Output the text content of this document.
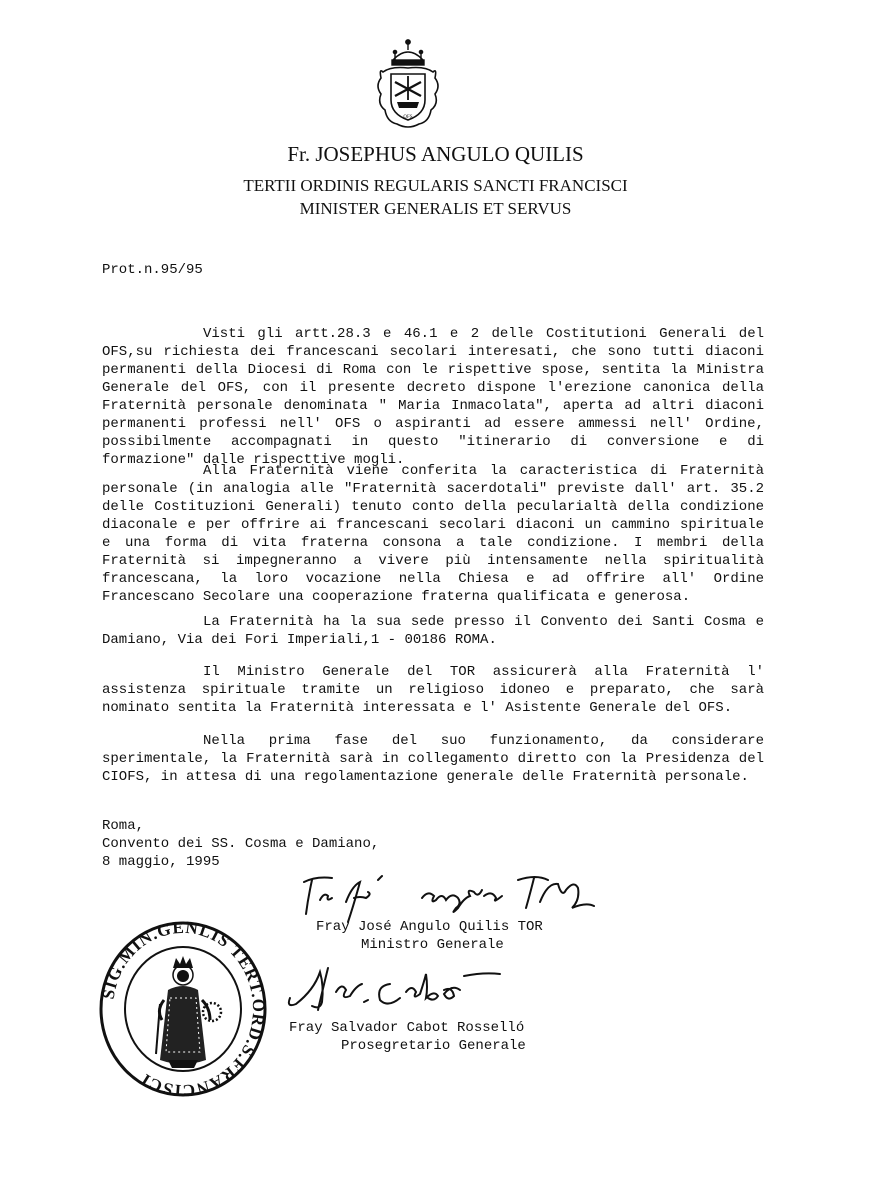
OFS
Fr. JOSEPHUS ANGULO QUILIS
TERTII ORDINIS REGULARIS SANCTI FRANCISCI
MINISTER GENERALIS ET SERVUS
Prot.n.95/95

Visti gli artt.28.3 e 46.1 e 2 delle Costitutioni Generali del OFS,su richiesta dei francescani secolari interesati, che sono tutti diaconi permanenti della Diocesi di Roma con le rispettive spose, sentita la Ministra Generale del OFS, con il presente decreto dispone l'erezione canonica della Fraternità personale denominata " Maria Inmacolata", aperta ad altri diaconi permanenti professi nell' OFS o aspiranti ad essere ammessi nell' Ordine, possibilmente accompagnati in questo "itinerario di conversione e di formazione" dalle rispecttive mogli.

Alla Fraternità viene conferita la caracteristica di Fraternità personale (in analogia alle "Fraternità sacerdotali" previste dall' art. 35.2 delle Costituzioni Generali) tenuto conto della pecularialtà della condizione diaconale e per offrire ai francescani secolari diaconi un cammino spirituale e una forma di vita fraterna consona a tale condizione. I membri della Fraternità si impegneranno a vivere più intensamente nella spiritualità francescana, la loro vocazione nella Chiesa e ad offrire all' Ordine Francescano Secolare una cooperazione fraterna qualificata e generosa.

La Fraternità ha la sua sede presso il Convento dei Santi Cosma e Damiano, Via dei Fori Imperiali,1 - 00186 ROMA.

Il Ministro Generale del TOR assicurerà alla Fraternità l' assistenza spirituale tramite un religioso idoneo e preparato, che sarà nominato sentita la Fraternità interessata e l' Asistente Generale del OFS.

Nella prima fase del suo funzionamento, da considerare sperimentale, la Fraternità sarà in collegamento diretto con la Presidenza del CIOFS, in attesa di una regolamentazione generale delle Fraternità personale.

Roma,
Convento dei SS. Cosma e Damiano,
8 maggio, 1995
Fray José Angulo Quilis TOR
Ministro Generale
Fray Salvador Cabot Rosselló
Prosegretario Generale
SIG.MIN.GENLIS TERT.ORD.S.FRANCISCI
